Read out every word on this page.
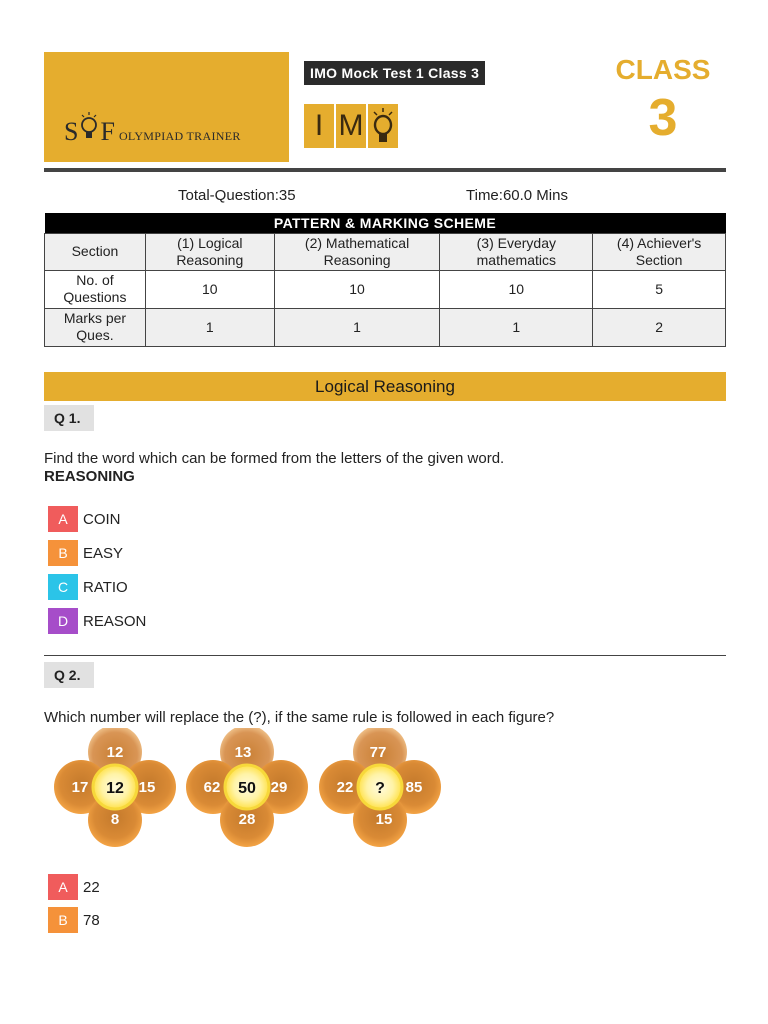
S F OLYMPIAD TRAINER
IMO Mock Test 1 Class 3
I M
CLASS
3
Total-Question:35	Time:60.0 Mins
PATTERN & MARKING SCHEME				
Section	(1) Logical Reasoning	(2) Mathematical Reasoning	(3) Everyday mathematics	(4) Achiever's Section
No. of Questions	10	10	10	5
Marks per Ques.	1	1	1	2
Logical Reasoning
Q 1.
Find the word which can be formed from the letters of the given word.
REASONING
A	COIN
B	EASY
C RATIO
D REASON
Q 2.
Which number will replace the (?), if the same rule is followed in each figure?
12
17	15
8
12
13
62	29
28
50
77
22	85
15
?
A	22
B	78
